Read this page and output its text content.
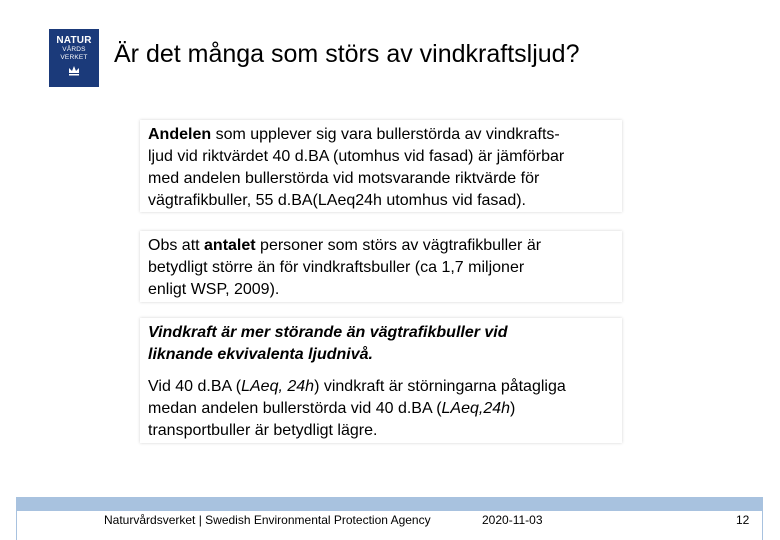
NATUR
VÅRDS
VERKET Är det många som störs av vindkraftsljud?
Andelen som upplever sig vara bullerstörda av vindkrafts-
ljud vid riktvärdet 40 d.BA (utomhus vid fasad) är jämförbar
med andelen bullerstörda vid motsvarande riktvärde för
vägtrafikbuller, 55 d.BA(LAeq24h utomhus vid fasad).
Obs att antalet personer som störs av vägtrafikbuller är
betydligt större än för vindkraftsbuller (ca 1,7 miljoner
enligt WSP, 2009).
Vindkraft är mer störande än vägtrafikbuller vid
liknande ekvivalenta ljudnivå.
Vid 40 d.BA (LAeq, 24h) vindkraft är störningarna påtagliga
medan andelen bullerstörda vid 40 d.BA (LAeq,24h)
transportbuller är betydligt lägre.
Naturvårdsverket | Swedish Environmental Protection Agency	2020-11-03	12
